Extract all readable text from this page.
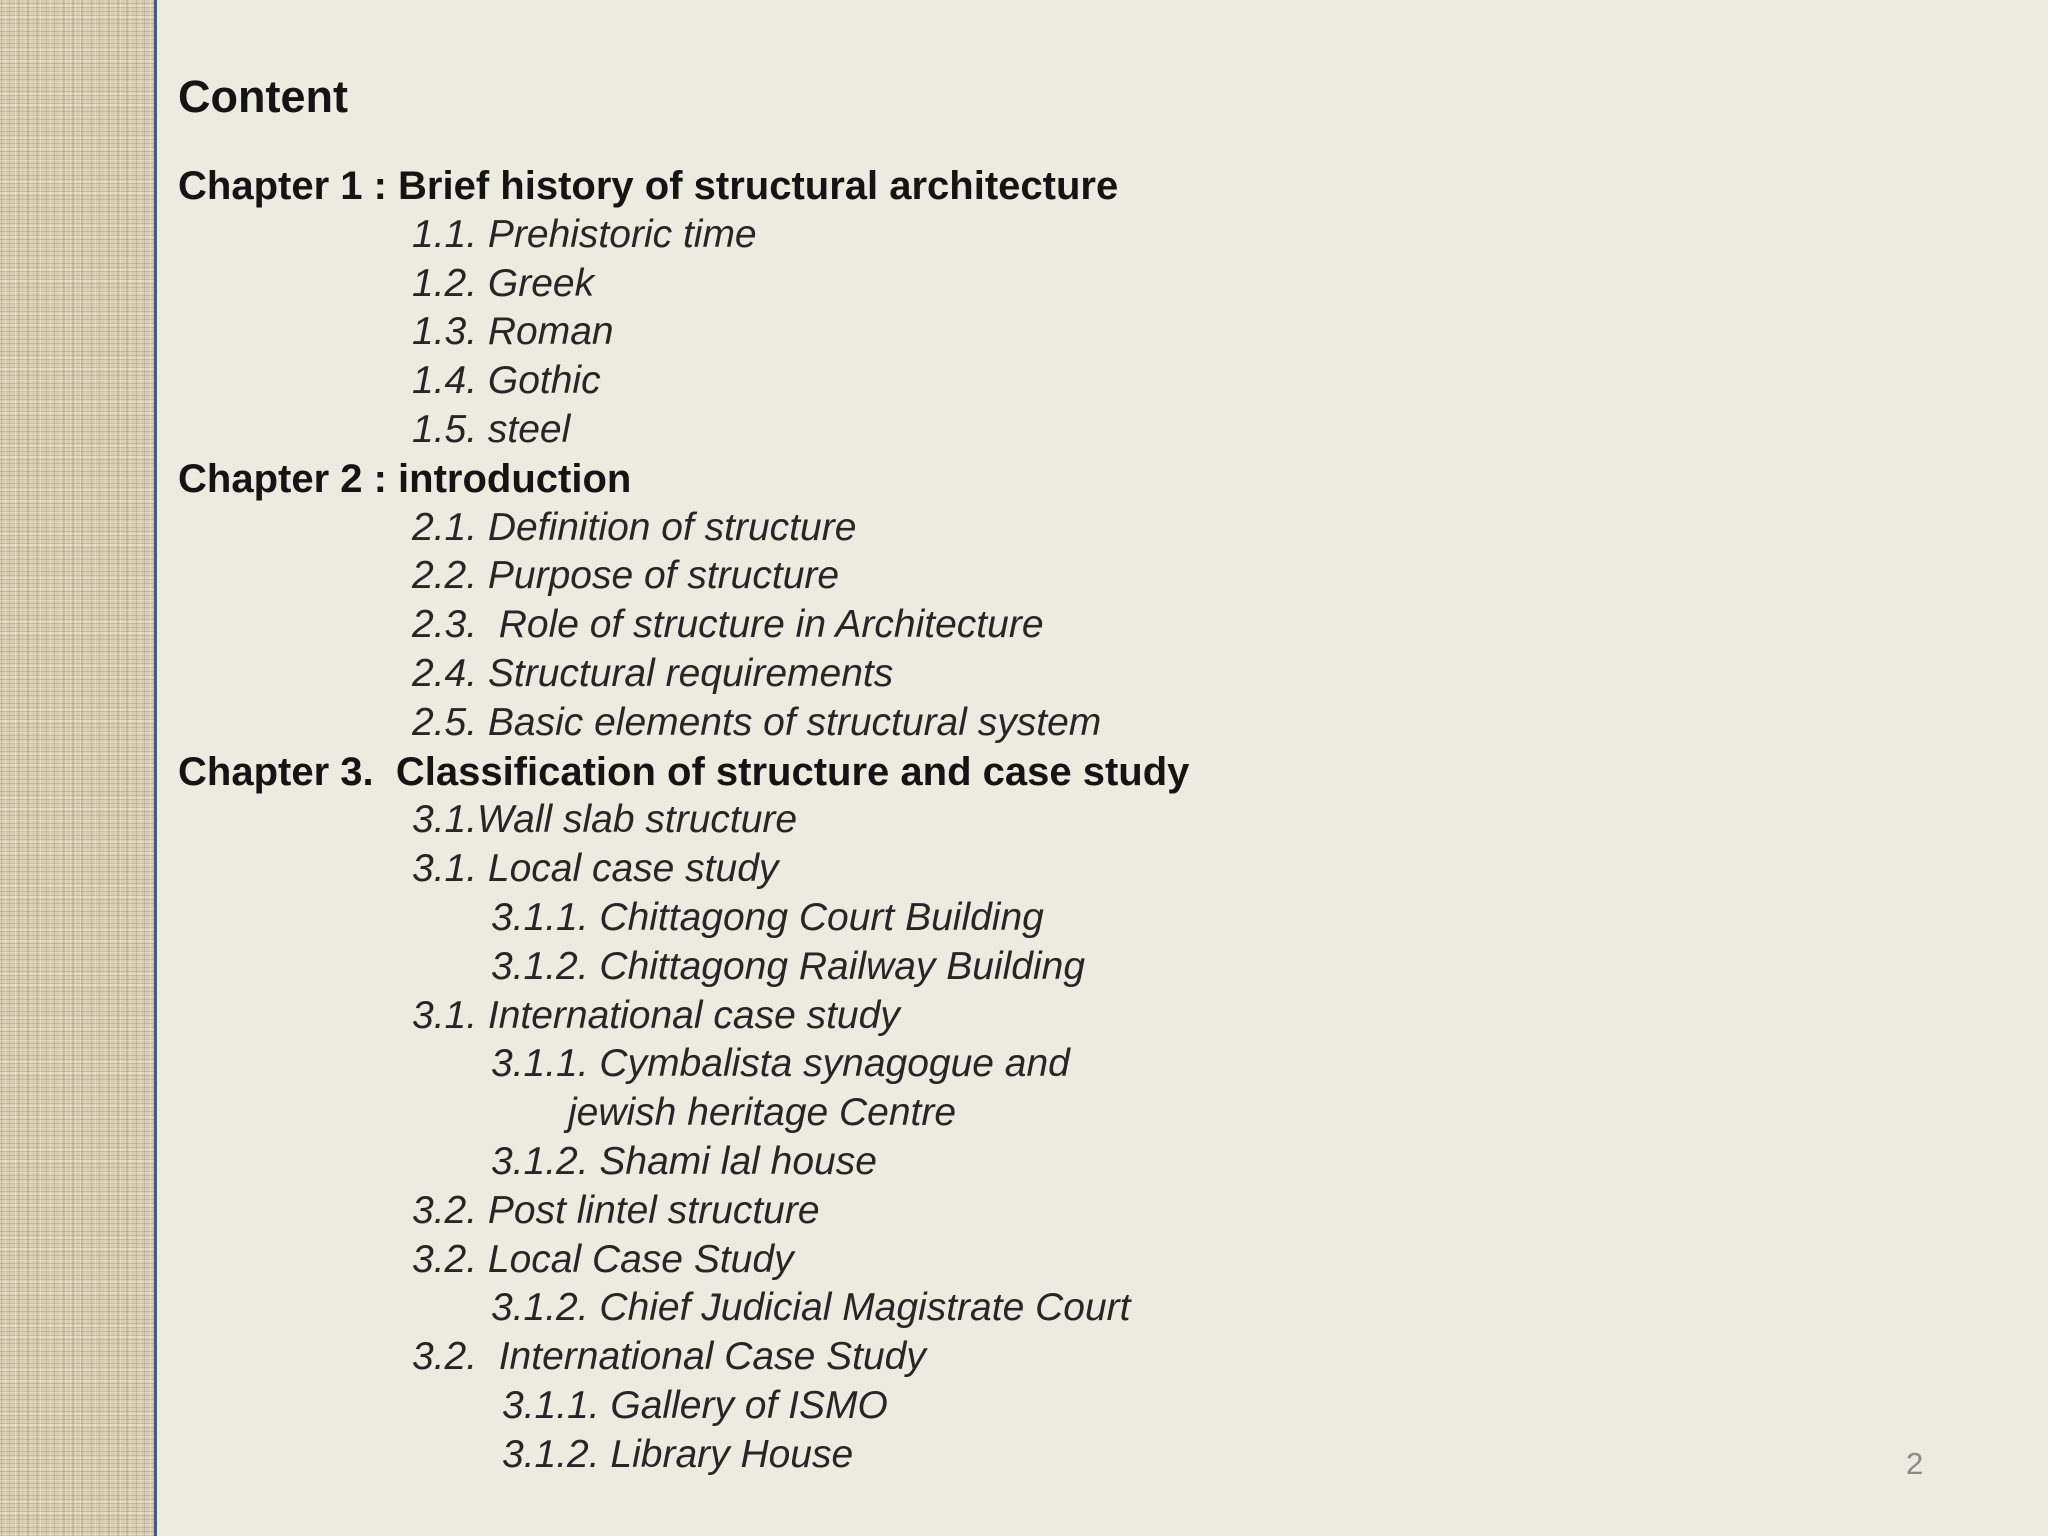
Content
Chapter 1 : Brief history of structural architecture
1.1. Prehistoric time
1.2. Greek
1.3. Roman
1.4. Gothic
1.5. steel
Chapter 2 : introduction
2.1. Definition of structure
2.2. Purpose of structure
2.3.  Role of structure in Architecture
2.4. Structural requirements
2.5. Basic elements of structural system
Chapter 3.  Classification of structure and case study
3.1.Wall slab structure
3.1. Local case study
3.1.1. Chittagong Court Building
3.1.2. Chittagong Railway Building
3.1. International case study
3.1.1. Cymbalista synagogue and
jewish heritage Centre
3.1.2. Shami lal house
3.2. Post lintel structure
3.2. Local Case Study
3.1.2. Chief Judicial Magistrate Court
3.2.  International Case Study
3.1.1. Gallery of ISMO
3.1.2. Library House	2
